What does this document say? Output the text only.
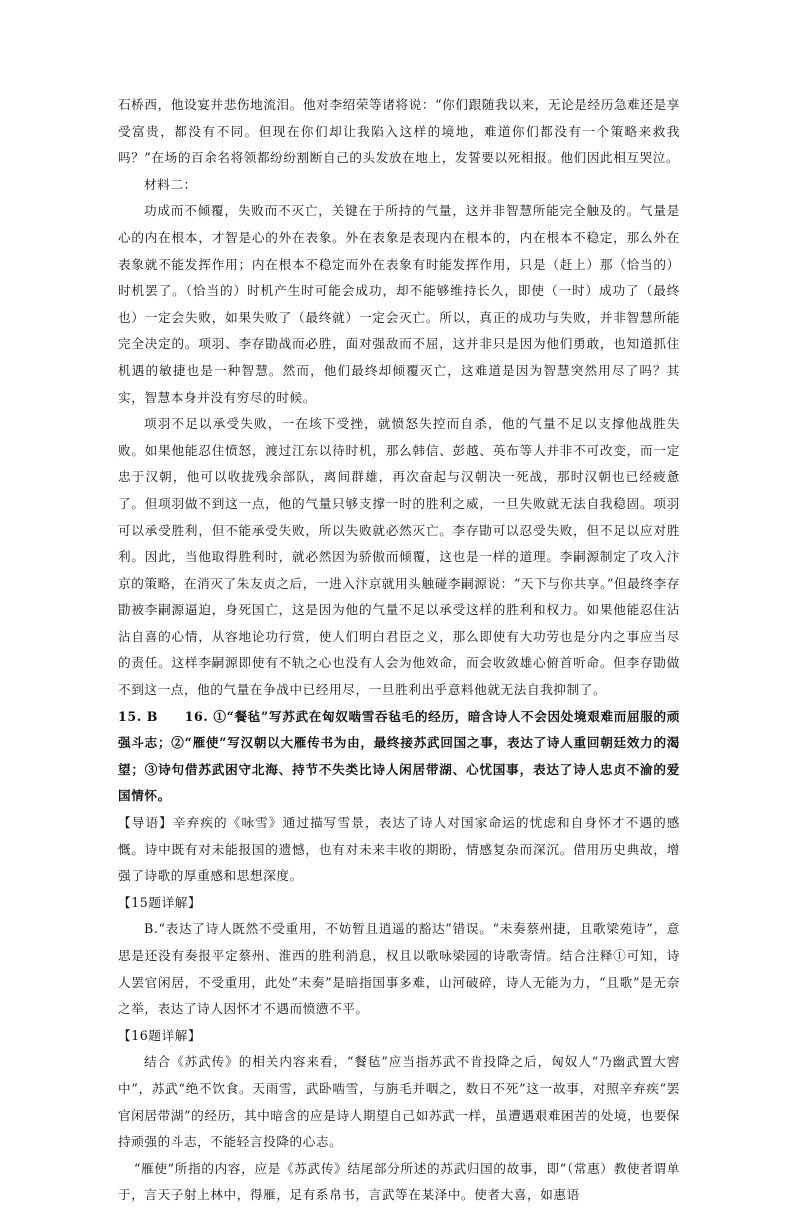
石桥西，他设宴并悲伤地流泪。他对李绍荣等诸将说：“你们跟随我以来，无论是经历急难还是享受富贵，都没有不同。但现在你们却让我陷入这样的境地，难道你们都没有一个策略来救我吗？”在场的百余名将领都纷纷割断自己的头发放在地上，发誓要以死相报。他们因此相互哭泣。

材料二：

功成而不倾覆，失败而不灭亡，关键在于所持的气量，这并非智慧所能完全触及的。气量是心的内在根本，才智是心的外在表象。外在表象是表现内在根本的，内在根本不稳定，那么外在表象就不能发挥作用；内在根本不稳定而外在表象有时能发挥作用，只是（赶上）那（恰当的）时机罢了。（恰当的）时机产生时可能会成功，却不能够维持长久，即使（一时）成功了（最终也）一定会失败，如果失败了（最终就）一定会灭亡。所以，真正的成功与失败，并非智慧所能完全决定的。项羽、李存勖战而必胜，面对强敌而不屈，这并非只是因为他们勇敢，也知道抓住机遇的敏捷也是一种智慧。然而，他们最终却倾覆灭亡，这难道是因为智慧突然用尽了吗？其实，智慧本身并没有穷尽的时候。

项羽不足以承受失败，一在垓下受挫，就愤怒失控而自杀，他的气量不足以支撑他战胜失败。如果他能忍住愤怒，渡过江东以待时机，那么韩信、彭越、英布等人并非不可改变，而一定忠于汉朝，他可以收拢残余部队，离间群雄，再次奋起与汉朝决一死战，那时汉朝也已经疲惫了。但项羽做不到这一点，他的气量只够支撑一时的胜利之威，一旦失败就无法自我稳固。项羽可以承受胜利，但不能承受失败，所以失败就必然灭亡。李存勖可以忍受失败，但不足以应对胜利。因此，当他取得胜利时，就必然因为骄傲而倾覆，这也是一样的道理。李嗣源制定了攻入汴京的策略，在消灭了朱友贞之后，一进入汴京就用头触碰李嗣源说：“天下与你共享。”但最终李存勖被李嗣源逼迫，身死国亡，这是因为他的气量不足以承受这样的胜利和权力。如果他能忍住沾沾自喜的心情，从容地论功行赏，使人们明白君臣之义，那么即使有大功劳也是分内之事应当尽的责任。这样李嗣源即使有不轨之心也没有人会为他效命，而会收敛雄心俯首听命。但李存勖做不到这一点，他的气量在争战中已经用尽，一旦胜利出乎意料他就无法自我抑制了。

15. B　　16. ①“餐毡”写苏武在匈奴啮雪吞毡毛的经历，暗含诗人不会因处境艰难而屈服的顽强斗志；②“雁使”写汉朝以大雁传书为由，最终接苏武回国之事，表达了诗人重回朝廷效力的渴望；③诗句借苏武困守北海、持节不失类比诗人闲居带湖、心忧国事，表达了诗人忠贞不渝的爱国情怀。

【导语】辛弃疾的《咏雪》通过描写雪景，表达了诗人对国家命运的忧虑和自身怀才不遇的感慨。诗中既有对未能报国的遗憾，也有对未来丰收的期盼，情感复杂而深沉。借用历史典故，增强了诗歌的厚重感和思想深度。

【15题详解】

B.“表达了诗人既然不受重用，不妨暂且逍遥的豁达”错误。“未奏蔡州捷，且歌梁苑诗”，意思是还没有奏报平定蔡州、淮西的胜利消息，权且以歌咏梁园的诗歌寄情。结合注释①可知，诗人罢官闲居，不受重用，此处“未奏”是暗指国事多难，山河破碎，诗人无能为力，“且歌”是无奈之举，表达了诗人因怀才不遇而愤懑不平。

【16题详解】

结合《苏武传》的相关内容来看，“餐毡”应当指苏武不肯投降之后，匈奴人“乃幽武置大窖中”，苏武“绝不饮食。天雨雪，武卧啮雪，与旃毛并咽之，数日不死”这一故事，对照辛弃疾“罢官闲居带湖”的经历，其中暗含的应是诗人期望自己如苏武一样，虽遭遇艰难困苦的处境，也要保持顽强的斗志，不能轻言投降的心志。

“雁使”所指的内容，应是《苏武传》结尾部分所述的苏武归国的故事，即“（常惠）教使者谓单于，言天子射上林中，得雁，足有系帛书，言武等在某泽中。使者大喜，如惠语
